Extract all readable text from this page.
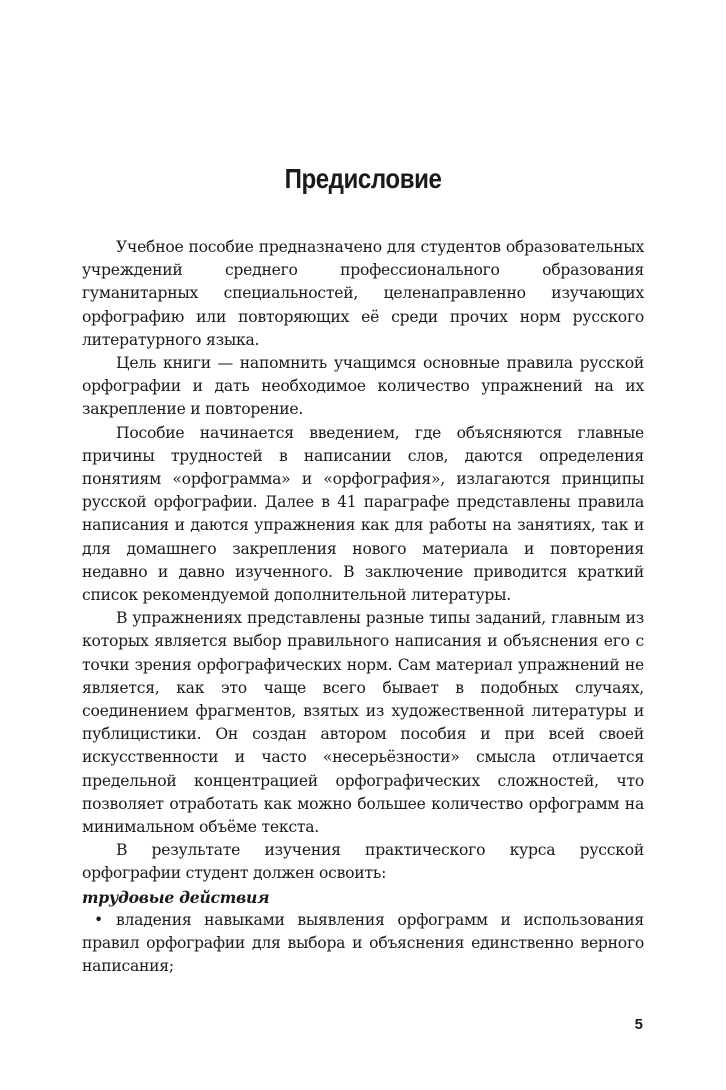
Предисловие

Учебное пособие предназначено для студентов образовательных учреждений среднего профессионального образования гуманитарных специальностей, целенаправленно изучающих орфографию или повторяющих её среди прочих норм русского литературного языка.

Цель книги — напомнить учащимся основные правила русской орфографии и дать необходимое количество упражнений на их закрепление и повторение.

Пособие начинается введением, где объясняются главные причины трудностей в написании слов, даются определения понятиям «орфограмма» и «орфография», излагаются принципы русской орфографии. Далее в 41 параграфе представлены правила написания и даются упражнения как для работы на занятиях, так и для домашнего закрепления нового материала и повторения недавно и давно изученного. В заключение приводится краткий список рекомендуемой дополнительной литературы.

В упражнениях представлены разные типы заданий, главным из которых является выбор правильного написания и объяснения его с точки зрения орфографических норм. Сам материал упражнений не является, как это чаще всего бывает в подобных случаях, соединением фрагментов, взятых из художественной литературы и публицистики. Он создан автором пособия и при всей своей искусственности и часто «несерьёзности» смысла отличается предельной концентрацией орфографических сложностей, что позволяет отработать как можно большее количество орфограмм на минимальном объёме текста.

В результате изучения практического курса русской орфографии студент должен освоить:

трудовые действия

• владения навыками выявления орфограмм и использования правил орфографии для выбора и объяснения единственно верного написания;

5
